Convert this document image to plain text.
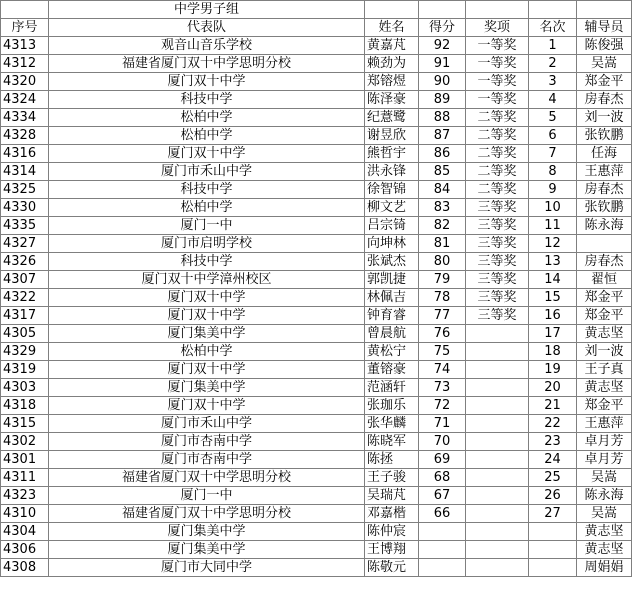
	中学男子组					
序号	代表队	姓名	得分	奖项	名次	辅导员
4313	观音山音乐学校	黄嘉芃	92	一等奖	1	陈俊强
4312	福建省厦门双十中学思明分校	赖劲为	91	一等奖	2	吴嵩
4320	厦门双十中学	郑镕煜	90	一等奖	3	郑金平
4324	科技中学	陈泽豪	89	一等奖	4	房春杰
4334	松柏中学	纪薏鹭	88	二等奖	5	刘一波
4328	松柏中学	谢昱欣	87	二等奖	6	张钦鹏
4316	厦门双十中学	熊哲宇	86	二等奖	7	任海
4314	厦门市禾山中学	洪永锋	85	二等奖	8	王惠萍
4325	科技中学	徐智锦	84	二等奖	9	房春杰
4330	松柏中学	柳文艺	83	三等奖	10	张钦鹏
4335	厦门一中	吕宗锜	82	三等奖	11	陈永海
4327	厦门市启明学校	向坤林	81	三等奖	12	
4326	科技中学	张斌杰	80	三等奖	13	房春杰
4307	厦门双十中学漳州校区	郭凯捷	79	三等奖	14	翟恒
4322	厦门双十中学	林佩吉	78	三等奖	15	郑金平
4317	厦门双十中学	钟育睿	77	三等奖	16	郑金平
4305	厦门集美中学	曾晨航	76		17	黄志坚
4329	松柏中学	黄松宁	75		18	刘一波
4319	厦门双十中学	董镕豪	74		19	王子真
4303	厦门集美中学	范涵轩	73		20	黄志坚
4318	厦门双十中学	张珈乐	72		21	郑金平
4315	厦门市禾山中学	张华麟	71		22	王惠萍
4302	厦门市杏南中学	陈晓军	70		23	卓月芳
4301	厦门市杏南中学	陈拯	69		24	卓月芳
4311	福建省厦门双十中学思明分校	王子骏	68		25	吴嵩
4323	厦门一中	吴瑞芃	67		26	陈永海
4310	福建省厦门双十中学思明分校	邓嘉楷	66		27	吴嵩
4304	厦门集美中学	陈仲宸				黄志坚
4306	厦门集美中学	王博翔				黄志坚
4308	厦门市大同中学	陈敬元				周娟娟
